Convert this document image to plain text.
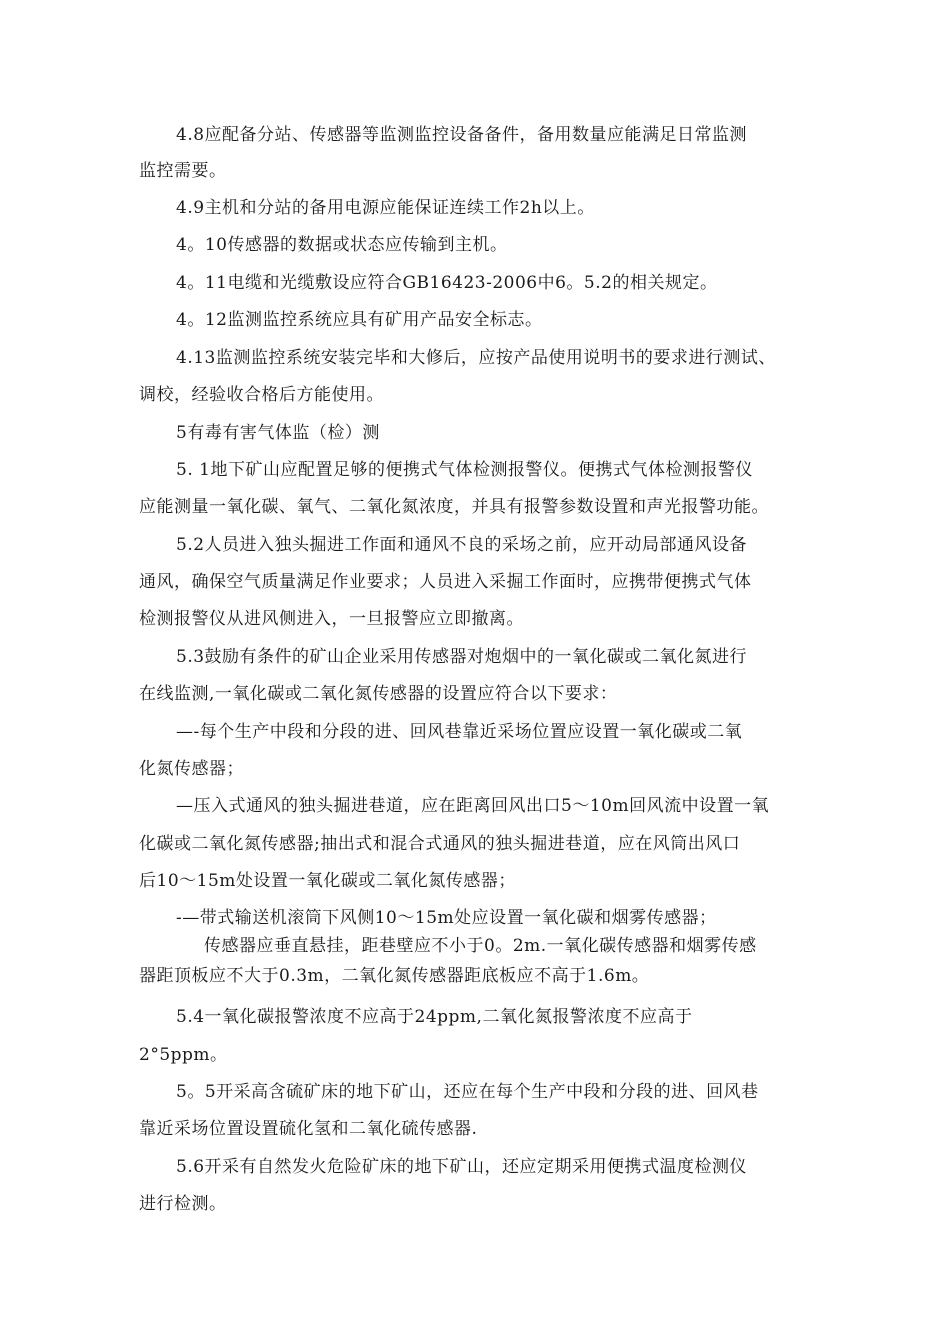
4.8应配备分站、传感器等监测监控设备备件，备用数量应能满足日常监测
监控需要。
4.9主机和分站的备用电源应能保证连续工作2h以上。
4。10传感器的数据或状态应传输到主机。
4。11电缆和光缆敷设应符合GB16423-2006中6。5.2的相关规定。
4。12监测监控系统应具有矿用产品安全标志。
4.13监测监控系统安装完毕和大修后，应按产品使用说明书的要求进行测试、
调校，经验收合格后方能使用。
5有毒有害气体监（检）测
5. 1地下矿山应配置足够的便携式气体检测报警仪。便携式气体检测报警仪
应能测量一氧化碳、氧气、二氧化氮浓度，并具有报警参数设置和声光报警功能。
5.2人员进入独头掘进工作面和通风不良的采场之前，应开动局部通风设备
通风，确保空气质量满足作业要求；人员进入采掘工作面时，应携带便携式气体
检测报警仪从进风侧进入，一旦报警应立即撤离。
5.3鼓励有条件的矿山企业采用传感器对炮烟中的一氧化碳或二氧化氮进行
在线监测,一氧化碳或二氧化氮传感器的设置应符合以下要求：
—-每个生产中段和分段的进、回风巷靠近采场位置应设置一氧化碳或二氧
化氮传感器；
—压入式通风的独头掘进巷道，应在距离回风出口5〜10m回风流中设置一氧
化碳或二氧化氮传感器;抽出式和混合式通风的独头掘进巷道，应在风筒出风口
后10〜15m处设置一氧化碳或二氧化氮传感器；
-—带式输送机滚筒下风侧10〜15m处应设置一氧化碳和烟雾传感器；
传感器应垂直悬挂，距巷壁应不小于0。2m.一氧化碳传感器和烟雾传感
器距顶板应不大于0.3m，二氧化氮传感器距底板应不高于1.6m。
5.4一氧化碳报警浓度不应高于24ppm,二氧化氮报警浓度不应高于
2°5ppm。
5。5开采高含硫矿床的地下矿山，还应在每个生产中段和分段的进、回风巷
靠近采场位置设置硫化氢和二氧化硫传感器.
5.6开采有自然发火危险矿床的地下矿山，还应定期采用便携式温度检测仪
进行检测。
